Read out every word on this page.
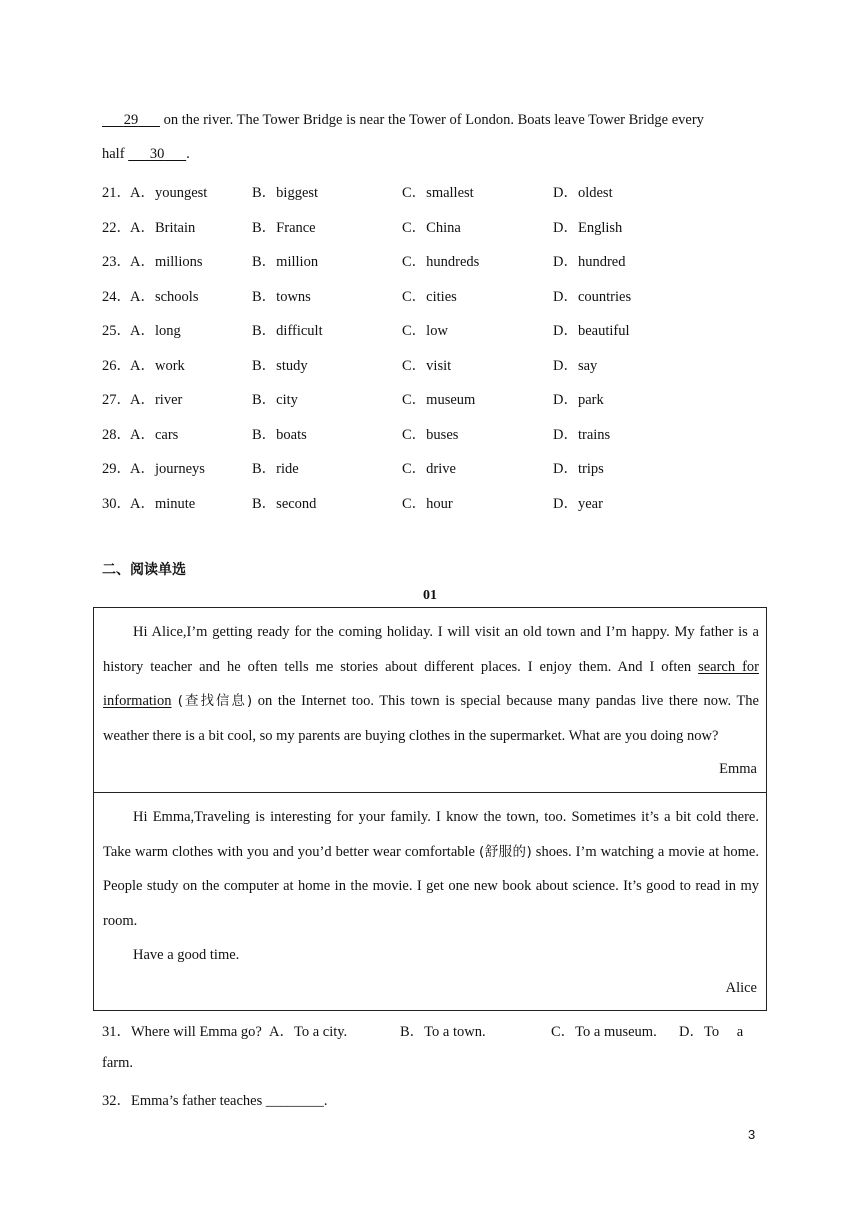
  29   on the river. The Tower Bridge is near the Tower of London. Boats leave Tower Bridge every
half   30   .
21． A．youngest	B．biggest	C．smallest	D．oldest
22． A．Britain	B．France	C．China	D．English
23． A．millions	B．million	C．hundreds	D．hundred
24． A．schools	B．towns	C．cities	D．countries
25． A．long	B．difficult	C．low	D．beautiful
26． A．work	B．study	C．visit	D．say
27． A．river	B．city	C．museum	D．park
28． A．cars	B．boats	C．buses	D．trains
29． A．journeys	B．ride	C．drive	D．trips
30． A．minute	B．second	C．hour	D．year
二、阅读单选
01
Hi Alice,I’m getting ready for the coming holiday. I will visit an old town and I’m happy. My father is a history teacher and he often tells me stories about different places. I enjoy them. And I often search for information (查找信息) on the Internet too. This town is special because many pandas live there now. The weather there is a bit cool, so my parents are buying clothes in the supermarket. What are you doing now?
Emma
Hi Emma,Traveling is interesting for your family. I know the town, too. Sometimes it’s a bit cold there. Take warm clothes with you and you’d better wear comfortable (舒服的) shoes. I’m watching a movie at home. People study on the computer at home in the movie. I get one new book about science. It’s good to read in my room.
Have a good time.
Alice
31．Where will Emma go? A．To a city.	B．To a town.	C．To a museum. D．To a
farm.
32．Emma’s father teaches ________.
3
